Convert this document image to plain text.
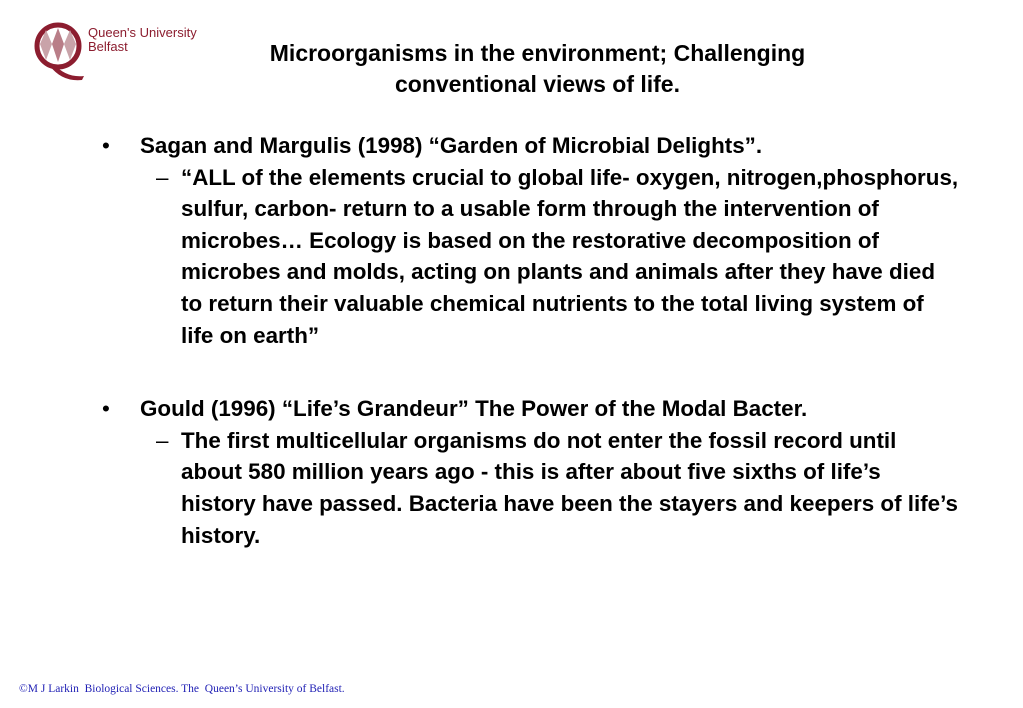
Queen's University
Belfast	Microorganisms in the environment; Challenging
conventional views of life.
• Sagan and Margulis (1998) “Garden of Microbial Delights”.
– “ALL of the elements crucial to global life- oxygen, nitrogen,phosphorus, sulfur, carbon- return to a usable form through the intervention of microbes… Ecology is based on the restorative decomposition of microbes and molds, acting on plants and animals after they have died to return their valuable chemical nutrients to the total living system of life on earth”
• Gould (1996) “Life’s Grandeur” The Power of the Modal Bacter.
– The first multicellular organisms do not enter the fossil record until about 580 million years ago - this is after about five sixths of life’s history have passed. Bacteria have been the stayers and keepers of life’s history.
©M J Larkin  Biological Sciences. The  Queen’s University of Belfast.
